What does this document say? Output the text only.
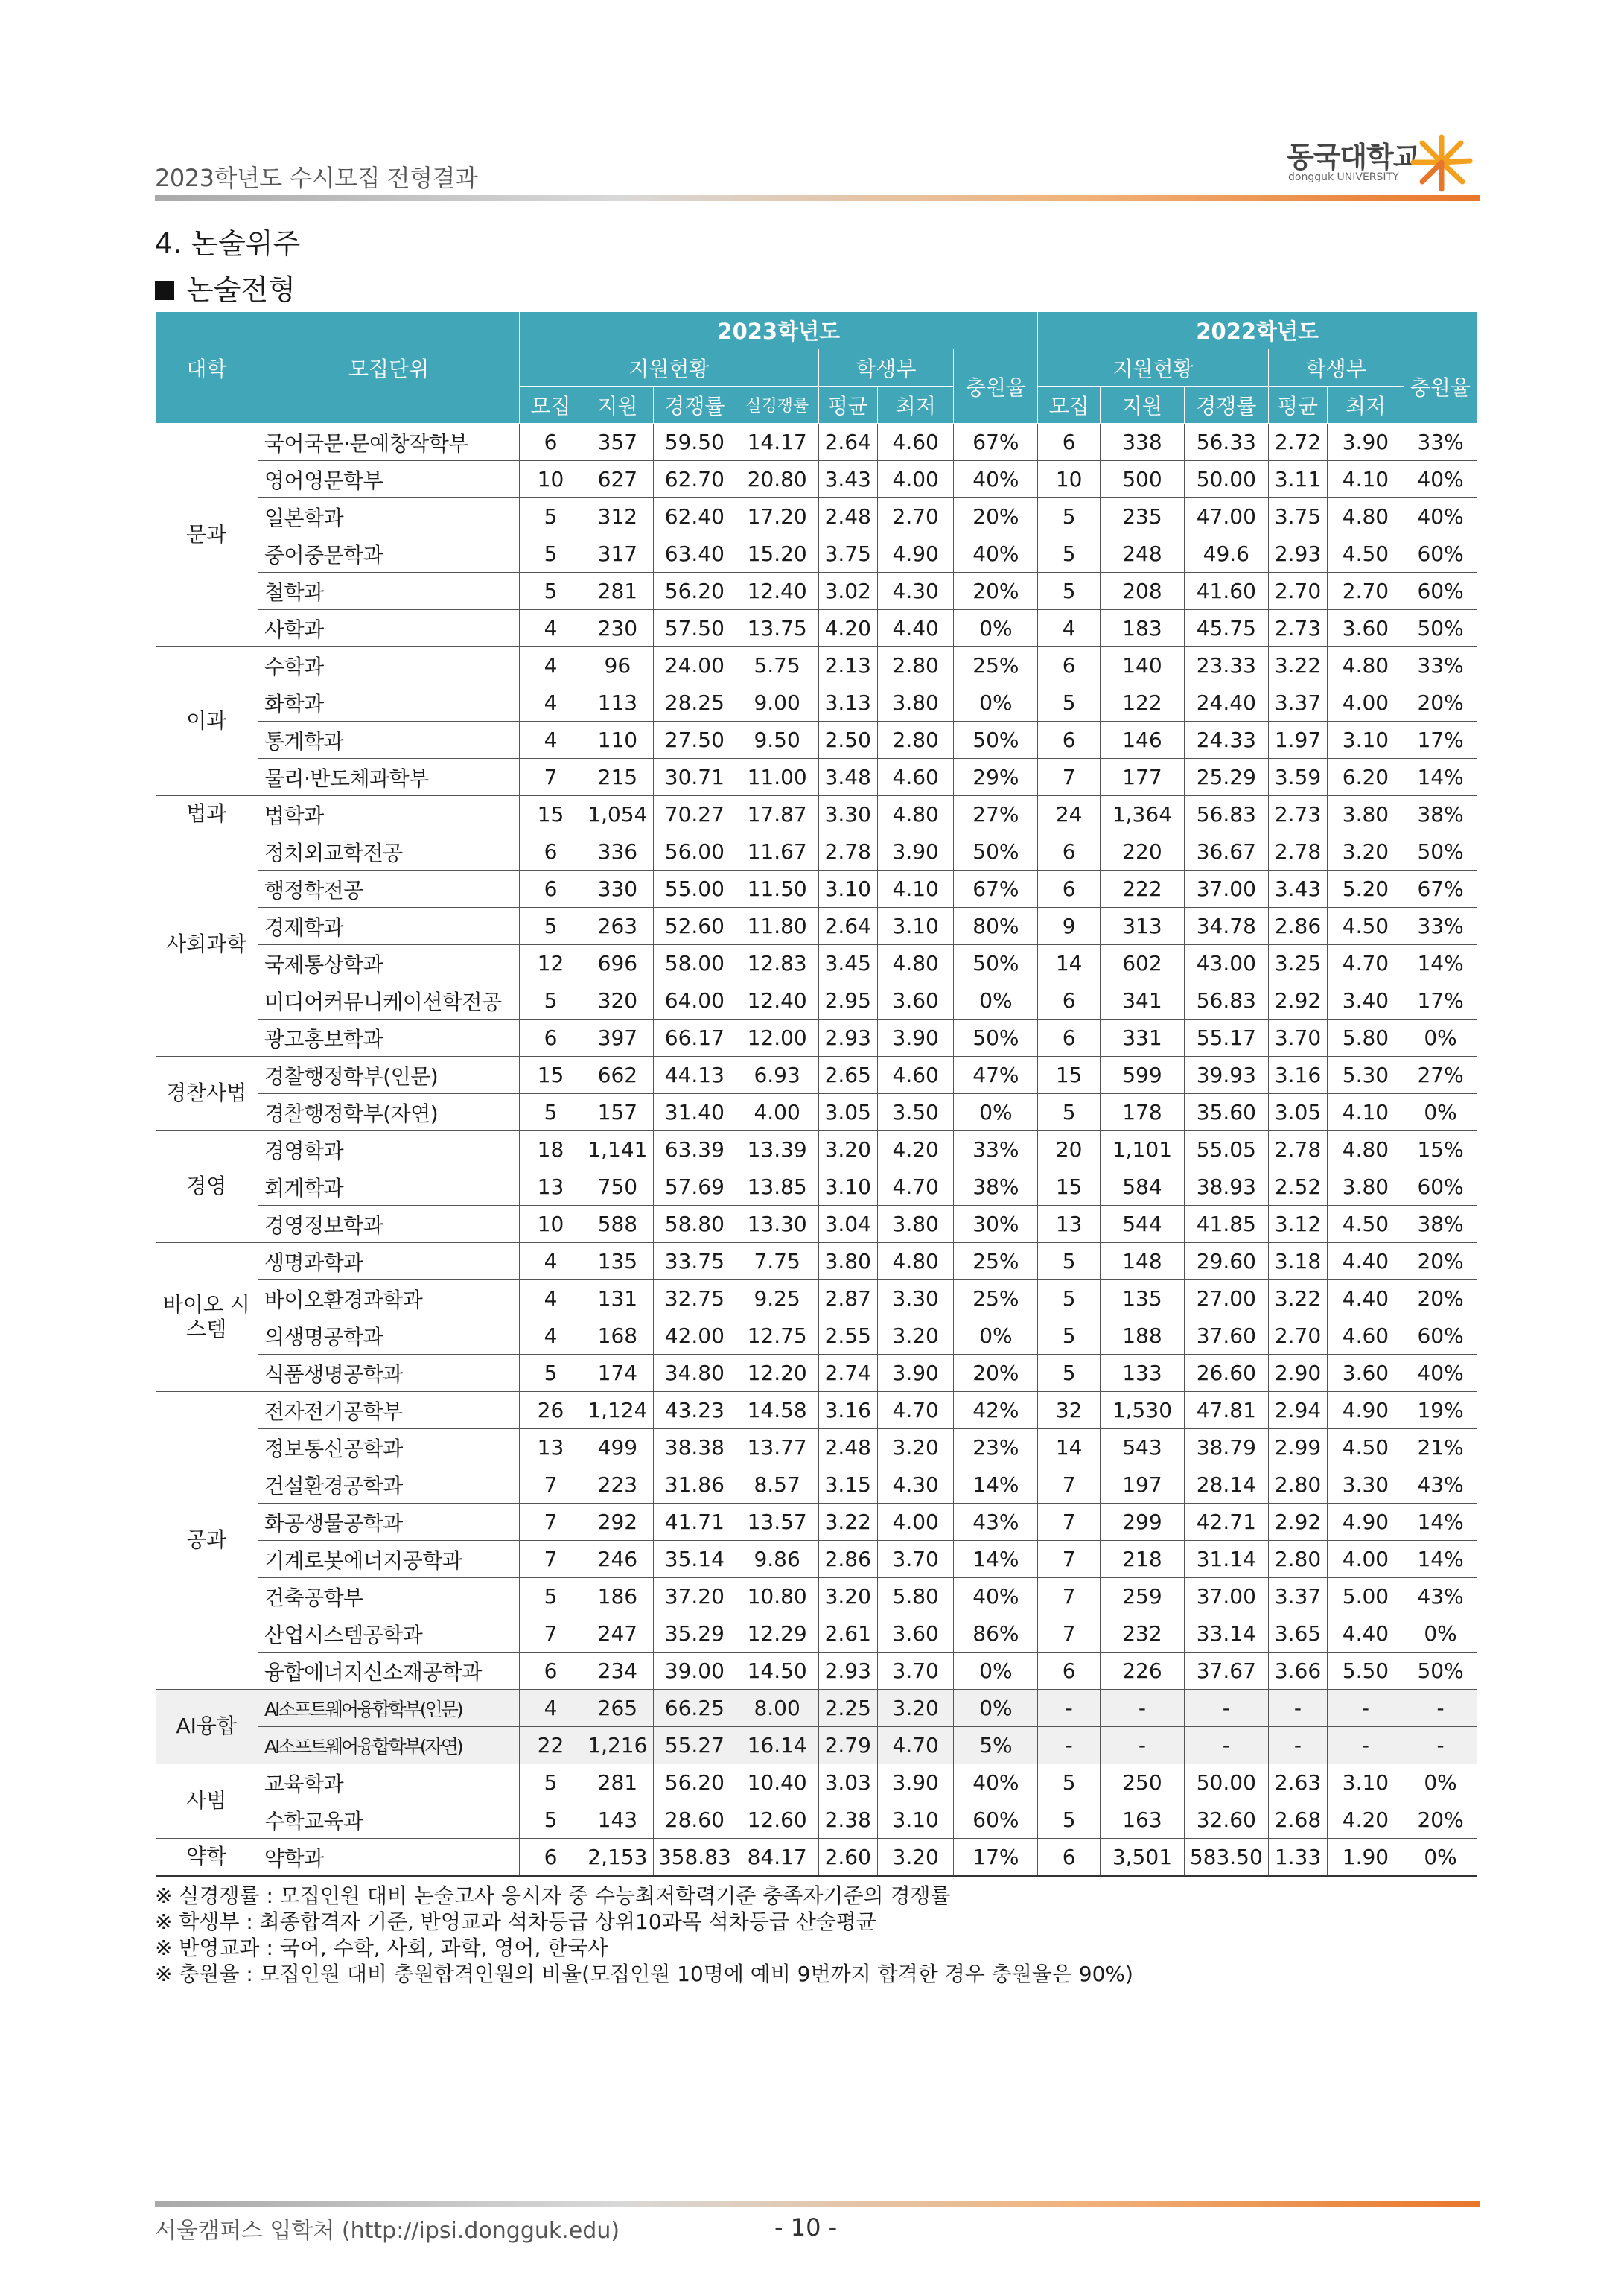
2023학년도 수시모집 전형결과
동국대학교
dongguk UNIVERSITY
4. 논술위주
논술전형
대학	모집단위	2023학년도							2022학년도					
		지원현황				학생부		충원율	지원현황			학생부		충원율
		모집	지원	경쟁률	실경쟁률	평균	최저		모집	지원	경쟁률	평균	최저	
문과	국어국문·문예창작학부	6	357	59.50	14.17	2.64	4.60	67%	6	338	56.33	2.72	3.90	33%
	영어영문학부	10	627	62.70	20.80	3.43	4.00	40%	10	500	50.00	3.11	4.10	40%
	일본학과	5	312	62.40	17.20	2.48	2.70	20%	5	235	47.00	3.75	4.80	40%
	중어중문학과	5	317	63.40	15.20	3.75	4.90	40%	5	248	49.6	2.93	4.50	60%
	철학과	5	281	56.20	12.40	3.02	4.30	20%	5	208	41.60	2.70	2.70	60%
	사학과	4	230	57.50	13.75	4.20	4.40	0%	4	183	45.75	2.73	3.60	50%
이과	수학과	4	96	24.00	5.75	2.13	2.80	25%	6	140	23.33	3.22	4.80	33%
	화학과	4	113	28.25	9.00	3.13	3.80	0%	5	122	24.40	3.37	4.00	20%
	통계학과	4	110	27.50	9.50	2.50	2.80	50%	6	146	24.33	1.97	3.10	17%
	물리·반도체과학부	7	215	30.71	11.00	3.48	4.60	29%	7	177	25.29	3.59	6.20	14%
법과	법학과	15	1,054	70.27	17.87	3.30	4.80	27%	24	1,364	56.83	2.73	3.80	38%
사회과학	정치외교학전공	6	336	56.00	11.67	2.78	3.90	50%	6	220	36.67	2.78	3.20	50%
	행정학전공	6	330	55.00	11.50	3.10	4.10	67%	6	222	37.00	3.43	5.20	67%
	경제학과	5	263	52.60	11.80	2.64	3.10	80%	9	313	34.78	2.86	4.50	33%
	국제통상학과	12	696	58.00	12.83	3.45	4.80	50%	14	602	43.00	3.25	4.70	14%
	미디어커뮤니케이션학전공	5	320	64.00	12.40	2.95	3.60	0%	6	341	56.83	2.92	3.40	17%
	광고홍보학과	6	397	66.17	12.00	2.93	3.90	50%	6	331	55.17	3.70	5.80	0%
경찰사법	경찰행정학부(인문)	15	662	44.13	6.93	2.65	4.60	47%	15	599	39.93	3.16	5.30	27%
	경찰행정학부(자연)	5	157	31.40	4.00	3.05	3.50	0%	5	178	35.60	3.05	4.10	0%
경영	경영학과	18	1,141	63.39	13.39	3.20	4.20	33%	20	1,101	55.05	2.78	4.80	15%
	회계학과	13	750	57.69	13.85	3.10	4.70	38%	15	584	38.93	2.52	3.80	60%
	경영정보학과	10	588	58.80	13.30	3.04	3.80	30%	13	544	41.85	3.12	4.50	38%
바이오 시스템	생명과학과	4	135	33.75	7.75	3.80	4.80	25%	5	148	29.60	3.18	4.40	20%
	바이오환경과학과	4	131	32.75	9.25	2.87	3.30	25%	5	135	27.00	3.22	4.40	20%
	의생명공학과	4	168	42.00	12.75	2.55	3.20	0%	5	188	37.60	2.70	4.60	60%
	식품생명공학과	5	174	34.80	12.20	2.74	3.90	20%	5	133	26.60	2.90	3.60	40%
공과	전자전기공학부	26	1,124	43.23	14.58	3.16	4.70	42%	32	1,530	47.81	2.94	4.90	19%
	정보통신공학과	13	499	38.38	13.77	2.48	3.20	23%	14	543	38.79	2.99	4.50	21%
	건설환경공학과	7	223	31.86	8.57	3.15	4.30	14%	7	197	28.14	2.80	3.30	43%
	화공생물공학과	7	292	41.71	13.57	3.22	4.00	43%	7	299	42.71	2.92	4.90	14%
	기계로봇에너지공학과	7	246	35.14	9.86	2.86	3.70	14%	7	218	31.14	2.80	4.00	14%
	건축공학부	5	186	37.20	10.80	3.20	5.80	40%	7	259	37.00	3.37	5.00	43%
	산업시스템공학과	7	247	35.29	12.29	2.61	3.60	86%	7	232	33.14	3.65	4.40	0%
	융합에너지신소재공학과	6	234	39.00	14.50	2.93	3.70	0%	6	226	37.67	3.66	5.50	50%
AI융합	AI소프트웨어융합학부(인문)	4	265	66.25	8.00	2.25	3.20	0%	-	-	-	-	-	-
	AI소프트웨어융합학부(자연)	22	1,216	55.27	16.14	2.79	4.70	5%	-	-	-	-	-	-
사범	교육학과	5	281	56.20	10.40	3.03	3.90	40%	5	250	50.00	2.63	3.10	0%
	수학교육과	5	143	28.60	12.60	2.38	3.10	60%	5	163	32.60	2.68	4.20	20%
약학	약학과	6	2,153	358.83	84.17	2.60	3.20	17%	6	3,501	583.50	1.33	1.90	0%
※ 실경쟁률 : 모집인원 대비 논술고사 응시자 중 수능최저학력기준 충족자기준의 경쟁률
※ 학생부 : 최종합격자 기준, 반영교과 석차등급 상위10과목 석차등급 산술평균
※ 반영교과 : 국어, 수학, 사회, 과학, 영어, 한국사
※ 충원율 : 모집인원 대비 충원합격인원의 비율(모집인원 10명에 예비 9번까지 합격한 경우 충원율은 90%)
서울캠퍼스 입학처 (http://ipsi.dongguk.edu)	- 10 -
